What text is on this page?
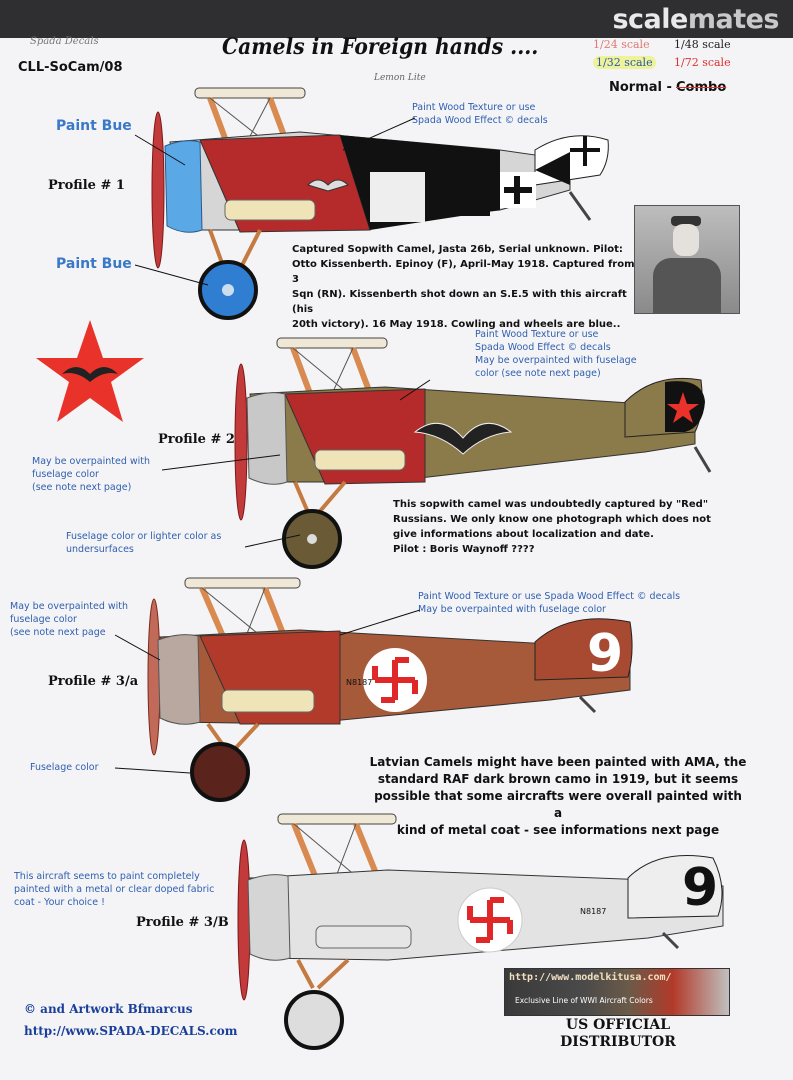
scalemates
Spada Decals
CLL-SoCam/08
Camels in Foreign hands ....
Lemon Lite
1/24 scale 1/48 scale
1/32 scale 1/72 scale
Normal - Combo
Paint Bue
Paint Bue
Profile # 1
Paint Wood Texture or use
Spada Wood Effect © decals
Captured Sopwith Camel, Jasta 26b, Serial unknown. Pilot:
Otto Kissenberth. Epinoy (F), April-May 1918. Captured from 3
Sqn (RN). Kissenberth shot down an S.E.5 with this aircraft (his
20th victory). 16 May 1918. Cowling and wheels are blue..
Profile # 2
Paint Wood Texture or use
Spada Wood Effect © decals
May be overpainted with fuselage
color (see note next page)
May be overpainted with
fuselage color
(see note next page)
Fuselage color or lighter color as
undersurfaces
This sopwith camel was undoubtedly captured by "Red"
Russians. We only know one photograph which does not
give informations about localization and date.
Pilot : Boris Waynoff ????
N8187	9
Profile # 3/a
Paint Wood Texture or use Spada Wood Effect © decals
May be overpainted with fuselage color
May be overpainted with
fuselage color
(see note next page
Fuselage color	Latvian Camels might have been painted with AMA, the
standard RAF dark brown camo in 1919, but it seems
possible that some aircrafts were overall painted with a
kind of metal coat - see informations next page
N8187 9
This aircraft seems to paint completely
painted with a metal or clear doped fabric
coat - Your choice !
Profile # 3/B
© and Artwork Bfmarcus
http://www.SPADA-DECALS.com
http://www.modelkitusa.com/
Exclusive Line of WWI Aircraft Colors
US OFFICIAL
DISTRIBUTOR
